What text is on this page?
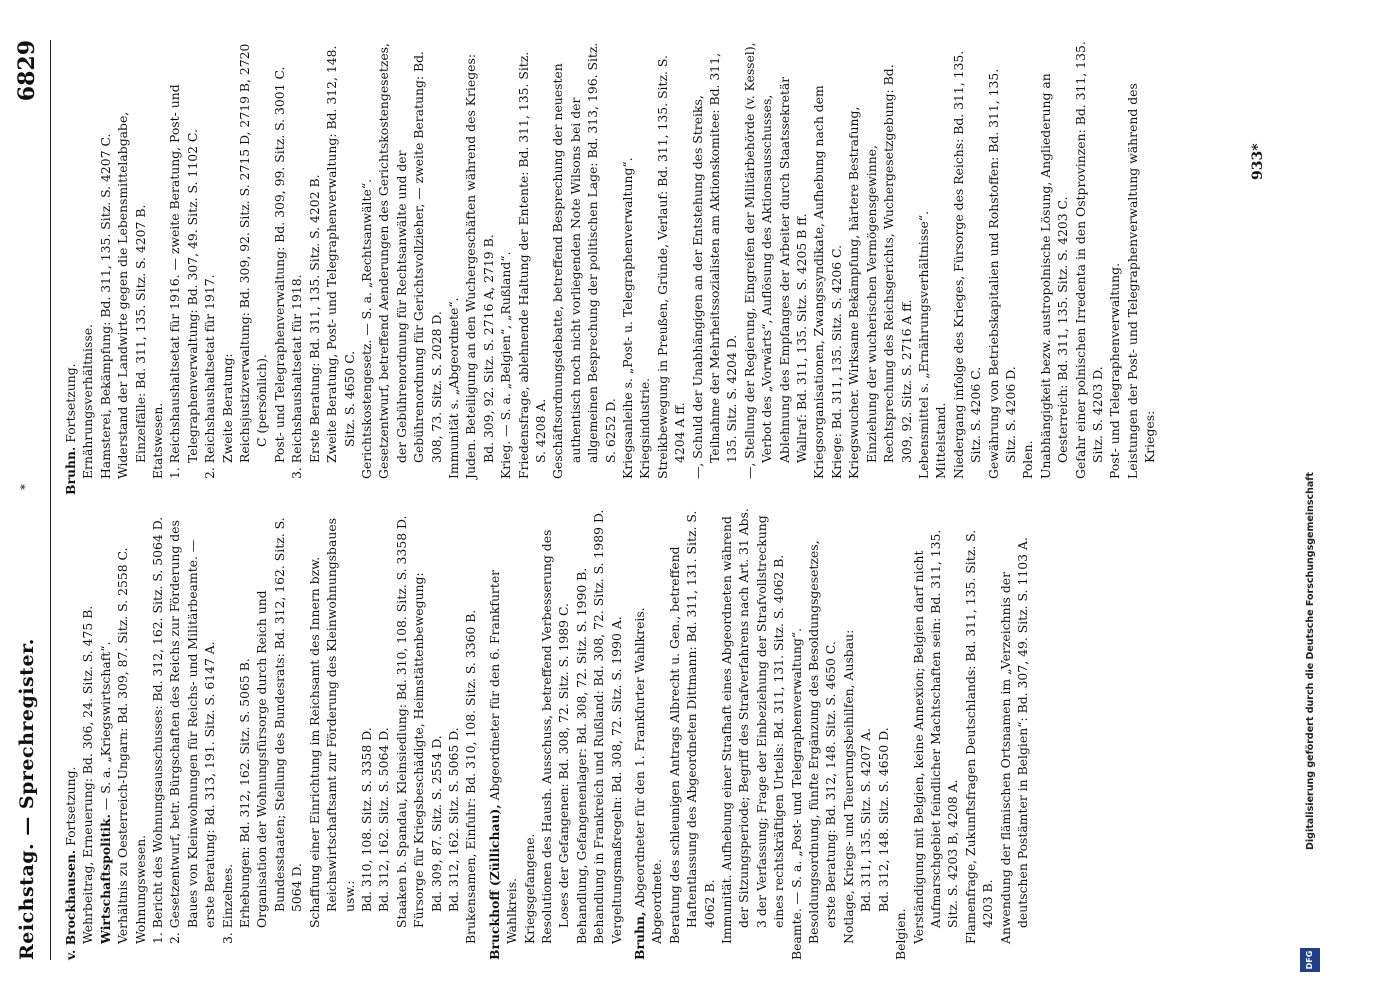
Reichstag. — Sprechregister.
*
6829

v. Brockhausen. Fortsetzung. Wehrbeitrag, Erneuerung: Bd. 306, 24. Sitz. S. 475 B. Wirtschaftspolitik. — S. a. „Kriegswirtschaft“. Verhältnis zu Oesterreich-Ungarn: Bd. 309, 87. Sitz. S. 2558 C. Wohnungswesen. 1. Bericht des Wohnungsausschusses: Bd. 312, 162. Sitz. S. 5064 D. 2. Gesetzentwurf, betr. Bürgschaften des Reichs zur Förderung des Baues von Kleinwohnungen für Reichs- und Militärbeamte. — erste Beratung: Bd. 313, 191. Sitz. S. 6147 A. 3. Einzelnes. Erhebungen: Bd. 312, 162. Sitz. S. 5065 B. Organisation der Wohnungsfürsorge durch Reich und Bundesstaaten; Stellung des Bundesrats: Bd. 312, 162. Sitz. S. 5064 D. Schaffung einer Einrichtung im Reichsamt des Innern bzw. Reichswirtschaftsamt zur Förderung des Kleinwohnungsbaues usw.: Bd. 310, 108. Sitz. S. 3358 D. Bd. 312, 162. Sitz. S. 5064 D. Staaken b. Spandau, Kleinsiedlung: Bd. 310, 108. Sitz. S. 3358 D. Fürsorge für Kriegsbeschädigte, Heimstättenbewegung: Bd. 309, 87. Sitz. S. 2554 D. Bd. 312, 162. Sitz. S. 5065 D. Brukensamen, Einfuhr: Bd. 310, 108. Sitz. S. 3360 B. Bruckhoff (Züllichau), Abgeordneter für den 6. Frankfurter Wahlkreis. Kriegsgefangene. Resolutionen des Haush. Ausschuss, betreffend Verbesserung des Loses der Gefangenen: Bd. 308, 72. Sitz. S. 1989 C. Behandlung, Gefangenenlager: Bd. 308, 72. Sitz. S. 1990 B. Behandlung in Frankreich und Rußland: Bd. 308, 72. Sitz. S. 1989 D. Vergeltungsmaßregeln: Bd. 308, 72. Sitz. S. 1990 A. Bruhn, Abgeordneter für den 1. Frankfurter Wahlkreis. Abgeordnete. Beratung des schleunigen Antrags Albrecht u. Gen., betreffend Haftentlassung des Abgeordneten Dittmann: Bd. 311, 131. Sitz. S. 4062 B. Immunität. Aufhebung einer Strafhaft eines Abgeordneten während der Sitzungsperiode; Begriff des Strafverfahrens nach Art. 31 Abs. 3 der Verfassung; Frage der Einbeziehung der Strafvollstreckung eines rechtskräftigen Urteils: Bd. 311, 131. Sitz. S. 4062 B. Beamte. — S. a. „Post- und Telegraphenverwaltung“. Besoldungsordnung, fünfte Ergänzung des Besoldungsgesetzes, erste Beratung: Bd. 312, 148. Sitz. S. 4650 C. Notlage, Kriegs- und Teuerungsbeihilfen, Ausbau: Bd. 311, 135. Sitz. S. 4207 A. Bd. 312, 148. Sitz. S. 4650 D.

Belgien. Verständigung mit Belgien, keine Annexion; Belgien darf nicht Aufmarschgebiet feindlicher Machtschaften sein: Bd. 311, 135. Sitz. S. 4203 B, 4208 A. Flamenfrage, Zukunftsfragen Deutschlands: Bd. 311, 135. Sitz. S. 4203 B. Anwendung der flämischen Ortsnamen im „Verzeichnis der deutschen Postämter in Belgien“: Bd. 307, 49. Sitz. S. 1103 A.

Bruhn. Fortsetzung. Ernährungsverhältnisse. Hamsterei, Bekämpfung: Bd. 311, 135. Sitz. S. 4207 C. Widerstand der Landwirte gegen die Lebensmittelabgabe, Einzelfälle: Bd. 311, 135. Sitz. S. 4207 B. Etatswesen. 1. Reichshaushaltsetat für 1916. — zweite Beratung, Post- und Telegraphenverwaltung: Bd. 307, 49. Sitz. S. 1102 C. 2. Reichshaushaltsetat für 1917. Zweite Beratung: Reichsjustizverwaltung: Bd. 309, 92. Sitz. S. 2715 D, 2719 B, 2720 C (persönlich). Post- und Telegraphenverwaltung: Bd. 309, 99. Sitz. S. 3001 C. 3. Reichshaushaltsetat für 1918. Erste Beratung: Bd. 311, 135. Sitz. S. 4202 B. Zweite Beratung, Post- und Telegraphenverwaltung: Bd. 312, 148. Sitz. S. 4650 C. Gerichtskostengesetz. — S. a. „Rechtsanwälte“. Gesetzentwurf, betreffend Aenderungen des Gerichtskostengesetzes, der Gebührenordnung für Rechtsanwälte und der Gebührenordnung für Gerichtsvollzieher, — zweite Beratung: Bd. 308, 73. Sitz. S. 2028 D. Immunität s. „Abgeordnete“. Juden. Beteiligung an den Wuchergeschäften während des Krieges: Bd. 309, 92. Sitz. S. 2716 A, 2719 B. Krieg. — S. a. „Belgien“, „Rußland“. Friedensfrage, ablehnende Haltung der Entente: Bd. 311, 135. Sitz. S. 4208 A. Geschäftsordnungsdebatte, betreffend Besprechung der neuesten authentisch noch nicht vorliegenden Note Wilsons bei der allgemeinen Besprechung der politischen Lage: Bd. 313, 196. Sitz. S. 6252 D. Kriegsanleihe s. „Post- u. Telegraphenverwaltung“. Kriegsindustrie. Streikbewegung in Preußen, Gründe, Verlauf: Bd. 311, 135. Sitz. S. 4204 A ff. —, Schuld der Unabhängigen an der Entstehung des Streiks, Teilnahme der Mehrheitssozialisten am Aktionskomitee: Bd. 311, 135. Sitz. S. 4204 D. —, Stellung der Regierung, Eingreifen der Militärbehörde (v. Kessel), Verbot des „Vorwärts“, Auflösung des Aktionsausschusses, Ablehnung des Empfanges der Arbeiter durch Staatssekretär Wallraf: Bd. 311, 135. Sitz. S. 4205 B ff. Kriegsorganisationen, Zwangssyndikate, Aufhebung nach dem Kriege: Bd. 311, 135. Sitz. S. 4206 C. Kriegswucher. Wirksame Bekämpfung, härtere Bestrafung, Einziehung der wucherischen Vermögensgewinne, Rechtsprechung des Reichsgerichts, Wuchergesetzgebung: Bd. 309, 92. Sitz. S. 2716 A ff. Lebensmittel s. „Ernährungsverhältnisse“. Mittelstand. Niedergang infolge des Krieges, Fürsorge des Reichs: Bd. 311, 135. Sitz. S. 4206 C. Gewährung von Betriebskapitalien und Rohstoffen: Bd. 311, 135. Sitz. S. 4206 D. Polen. Unabhängigkeit bezw. austropolnische Lösung, Angliederung an Oesterreich: Bd. 311, 135. Sitz. S. 4203 C. Gefahr einer polnischen Irredenta in den Ostprovinzen: Bd. 311, 135. Sitz. S. 4203 D. Post- und Telegraphenverwaltung. Leistungen der Post- und Telegraphenverwaltung während des Krieges:

933*
DFG
Digitalisierung gefördert durch die Deutsche Forschungsgemeinschaft
